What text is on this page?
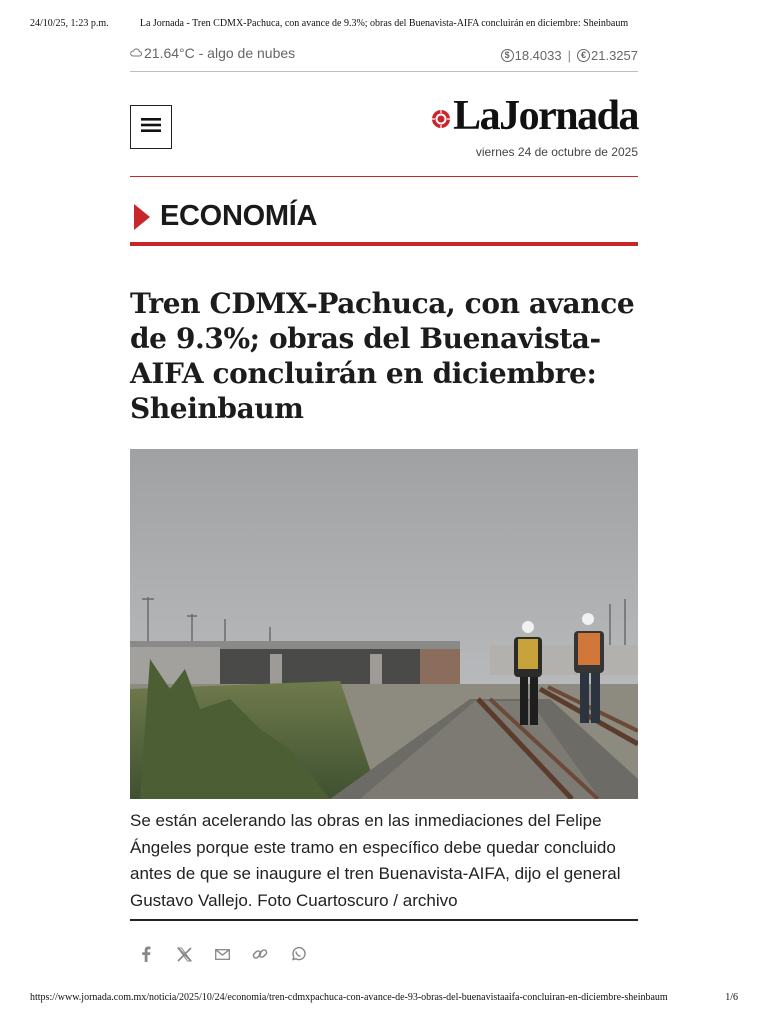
24/10/25, 1:23 p.m.	La Jornada - Tren CDMX-Pachuca, con avance de 9.3%; obras del Buenavista-AIFA concluirán en diciembre: Sheinbaum
21.64°C - algo de nubes	$ 18.4033 |	€ 21.3257
LaJornada
viernes 24 de octubre de 2025
ECONOMÍA
Tren CDMX-Pachuca, con avance de 9.3%; obras del Buenavista-AIFA concluirán en diciembre: Sheinbaum

Se están acelerando las obras en las inmediaciones del Felipe Ángeles porque este tramo en específico debe quedar concluido antes de que se inaugure el tren Buenavista-AIFA, dijo el general Gustavo Vallejo. Foto Cuartoscuro / archivo

https://www.jornada.com.mx/noticia/2025/10/24/economia/tren-cdmxpachuca-con-avance-de-93-obras-del-buenavistaaifa-concluiran-en-diciembre-sheinbaum	1/6
